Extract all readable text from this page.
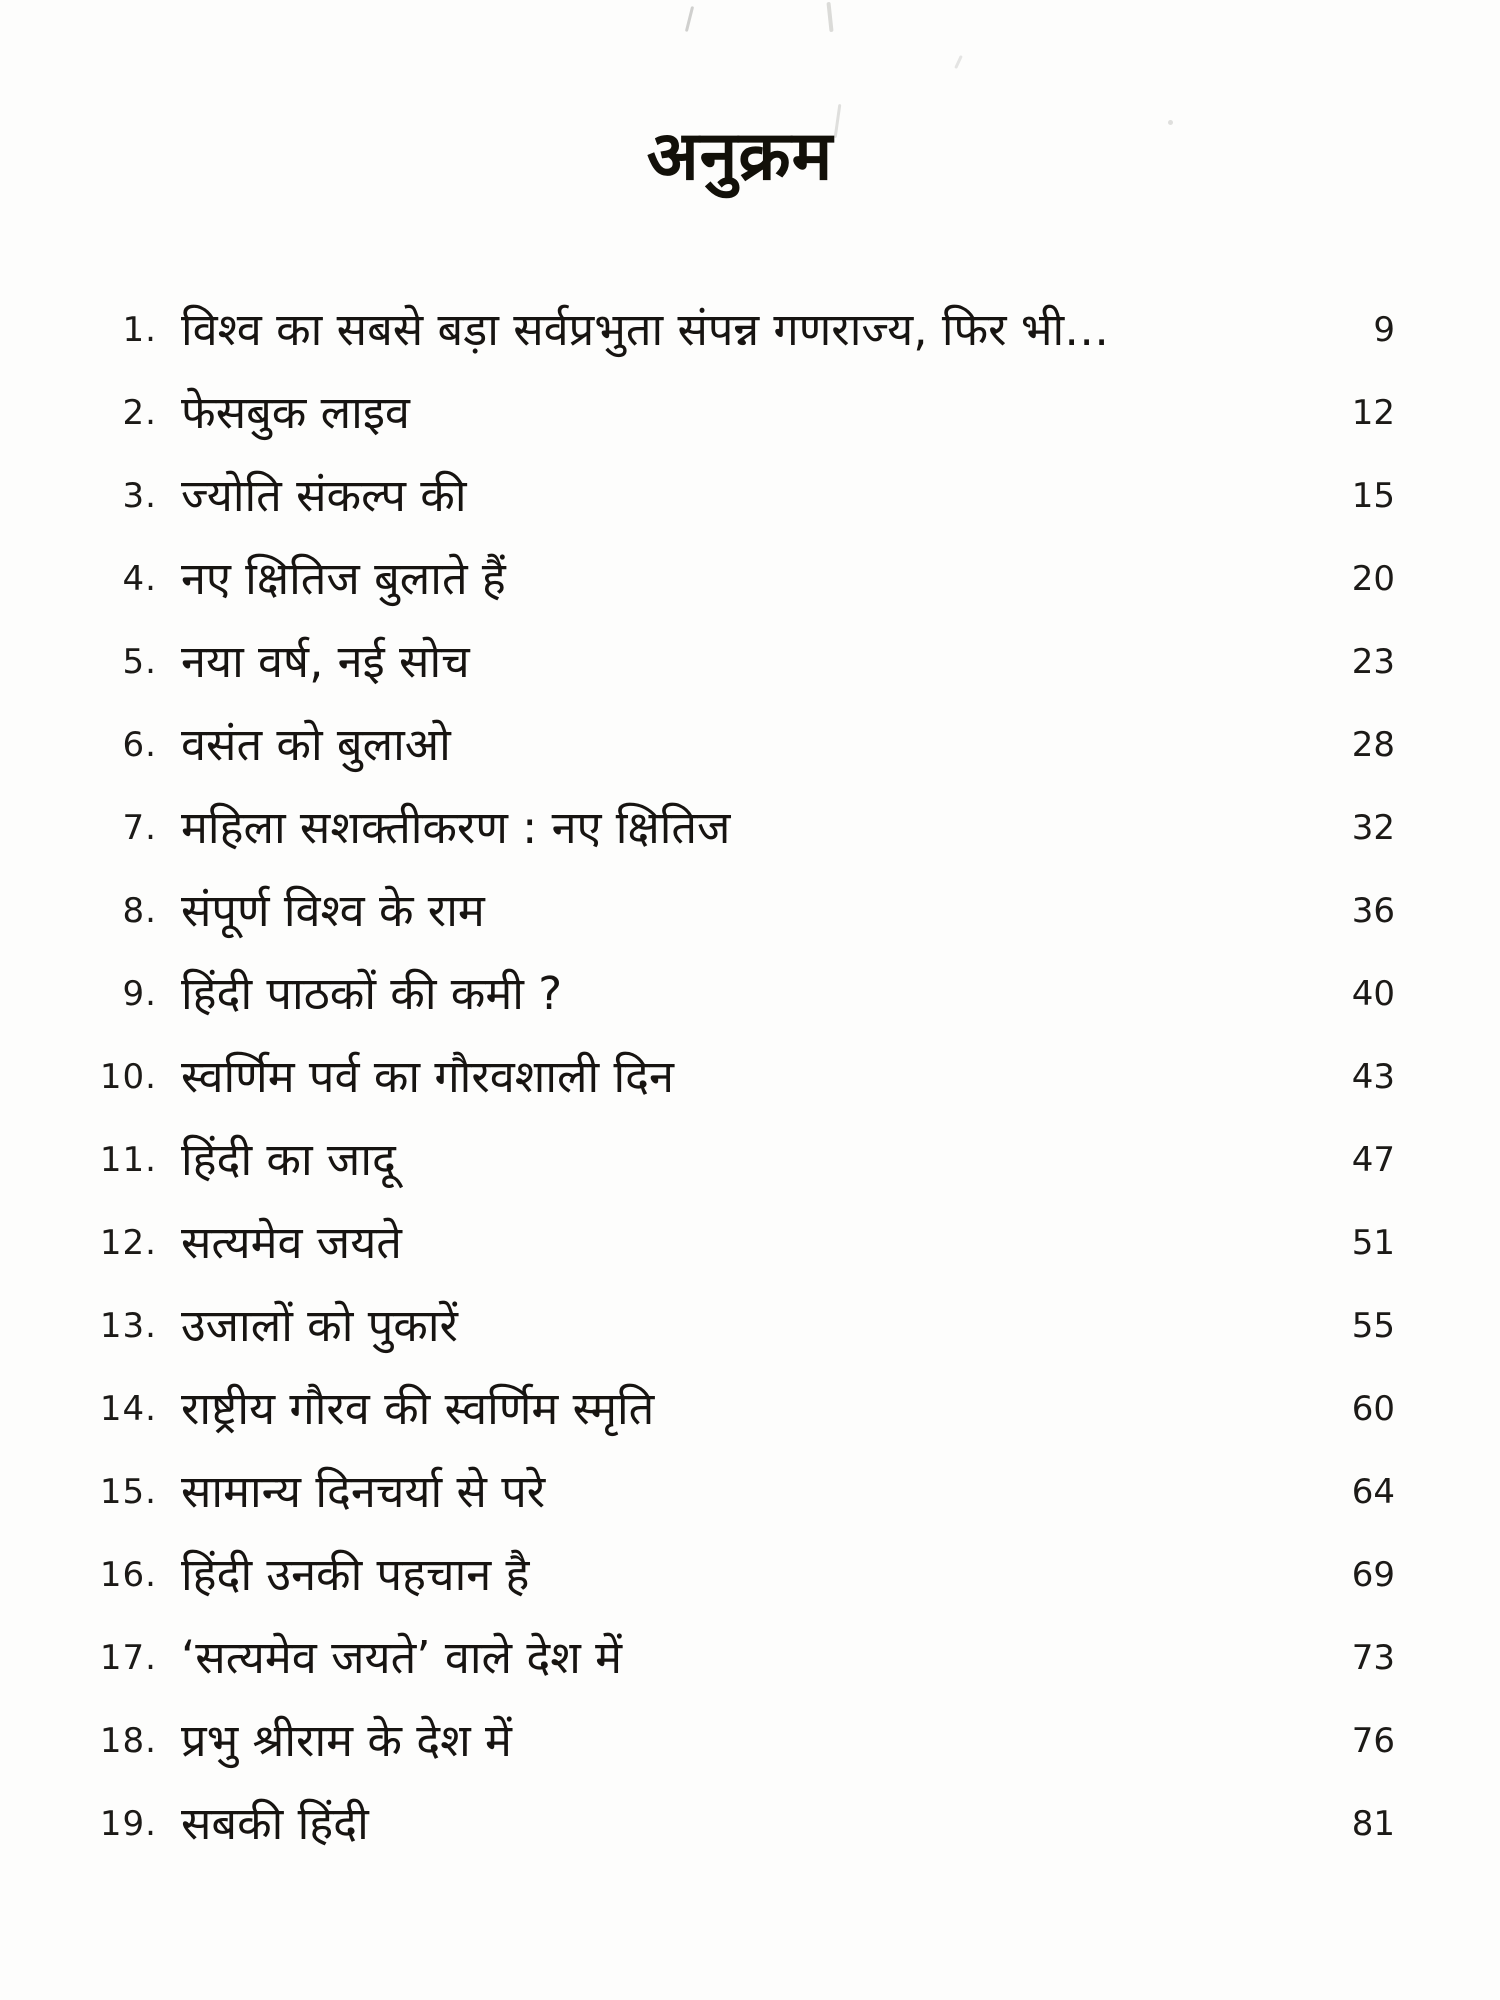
अनुक्रम
1. विश्व का सबसे बड़ा सर्वप्रभुता संपन्न गणराज्य, फिर भी…	9
2. फेसबुक लाइव	12
3. ज्योति संकल्प की	15
4. नए क्षितिज बुलाते हैं	20
5. नया वर्ष, नई सोच	23
6. वसंत को बुलाओ	28
7. महिला सशक्तीकरण : नए क्षितिज	32
8. संपूर्ण विश्व के राम	36
9. हिंदी पाठकों की कमी ?	40
10. स्वर्णिम पर्व का गौरवशाली दिन	43
11. हिंदी का जादू	47
12. सत्यमेव जयते	51
13. उजालों को पुकारें	55
14. राष्ट्रीय गौरव की स्वर्णिम स्मृति	60
15. सामान्य दिनचर्या से परे	64
16. हिंदी उनकी पहचान है	69
17. ‘सत्यमेव जयते’ वाले देश में	73
18. प्रभु श्रीराम के देश में	76
19. सबकी हिंदी	81
